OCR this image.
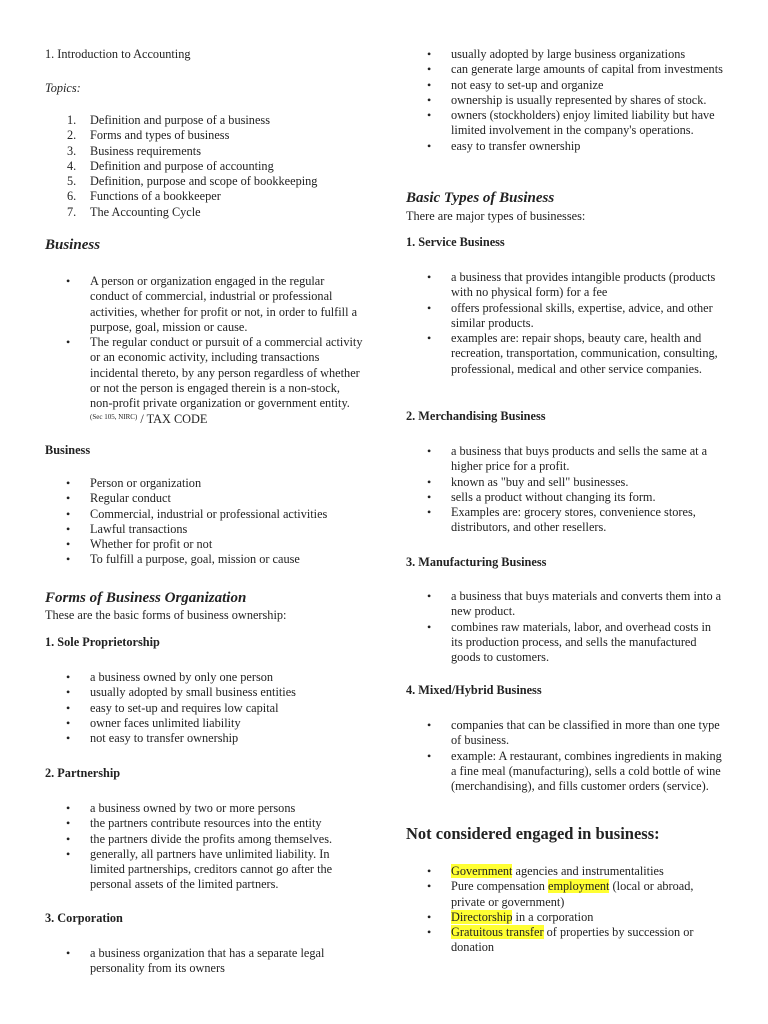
1. Introduction to Accounting

Topics:

1.	Definition and purpose of a business
2.	Forms and types of business
3.	Business requirements
4.	Definition and purpose of accounting
5.	Definition, purpose and scope of bookkeeping
6.	Functions of a bookkeeper
7.	The Accounting Cycle
Business
• A person or organization engaged in the regular conduct of commercial, industrial or professional activities, whether for profit or not, in order to fulfill a purpose, goal, mission or cause.
• The regular conduct or pursuit of a commercial activity or an economic activity, including transactions incidental thereto, by any person regardless of whether or not the person is engaged therein is a non-stock, non-profit private organization or government entity. $^{(Sec 105, NIRC)}$ / TAX CODE

Business

• Person or organization
• Regular conduct
• Commercial, industrial or professional activities
• Lawful transactions
• Whether for profit or not
• To fulfill a purpose, goal, mission or cause
Forms of Business Organization

These are the basic forms of business ownership:

1. Sole Proprietorship

• a business owned by only one person
• usually adopted by small business entities
• easy to set-up and requires low capital
• owner faces unlimited liability
• not easy to transfer ownership

2. Partnership

• a business owned by two or more persons
• the partners contribute resources into the entity
• the partners divide the profits among themselves.
• generally, all partners have unlimited liability. In limited partnerships, creditors cannot go after the personal assets of the limited partners.

3. Corporation

• a business organization that has a separate legal personality from its owners
• usually adopted by large business organizations
• can generate large amounts of capital from investments
• not easy to set-up and organize
• ownership is usually represented by shares of stock.
• owners (stockholders) enjoy limited liability but have limited involvement in the company's operations.
• easy to transfer ownership
Basic Types of Business

There are major types of businesses:

1. Service Business

• a business that provides intangible products (products with no physical form) for a fee
• offers professional skills, expertise, advice, and other similar products.
• examples are: repair shops, beauty care, health and recreation, transportation, communication, consulting, professional, medical and other service companies.

2. Merchandising Business

• a business that buys products and sells the same at a higher price for a profit.
• known as "buy and sell" businesses.
• sells a product without changing its form.
• Examples are: grocery stores, convenience stores, distributors, and other resellers.

3. Manufacturing Business

• a business that buys materials and converts them into a new product.
• combines raw materials, labor, and overhead costs in its production process, and sells the manufactured goods to customers.

4. Mixed/Hybrid Business

• companies that can be classified in more than one type of business.
• example: A restaurant, combines ingredients in making a fine meal (manufacturing), sells a cold bottle of wine (merchandising), and fills customer orders (service).
Not considered engaged in business:
• Government agencies and instrumentalities
• Pure compensation employment (local or abroad, private or government)
• Directorship in a corporation
• Gratuitous transfer of properties by succession or donation
